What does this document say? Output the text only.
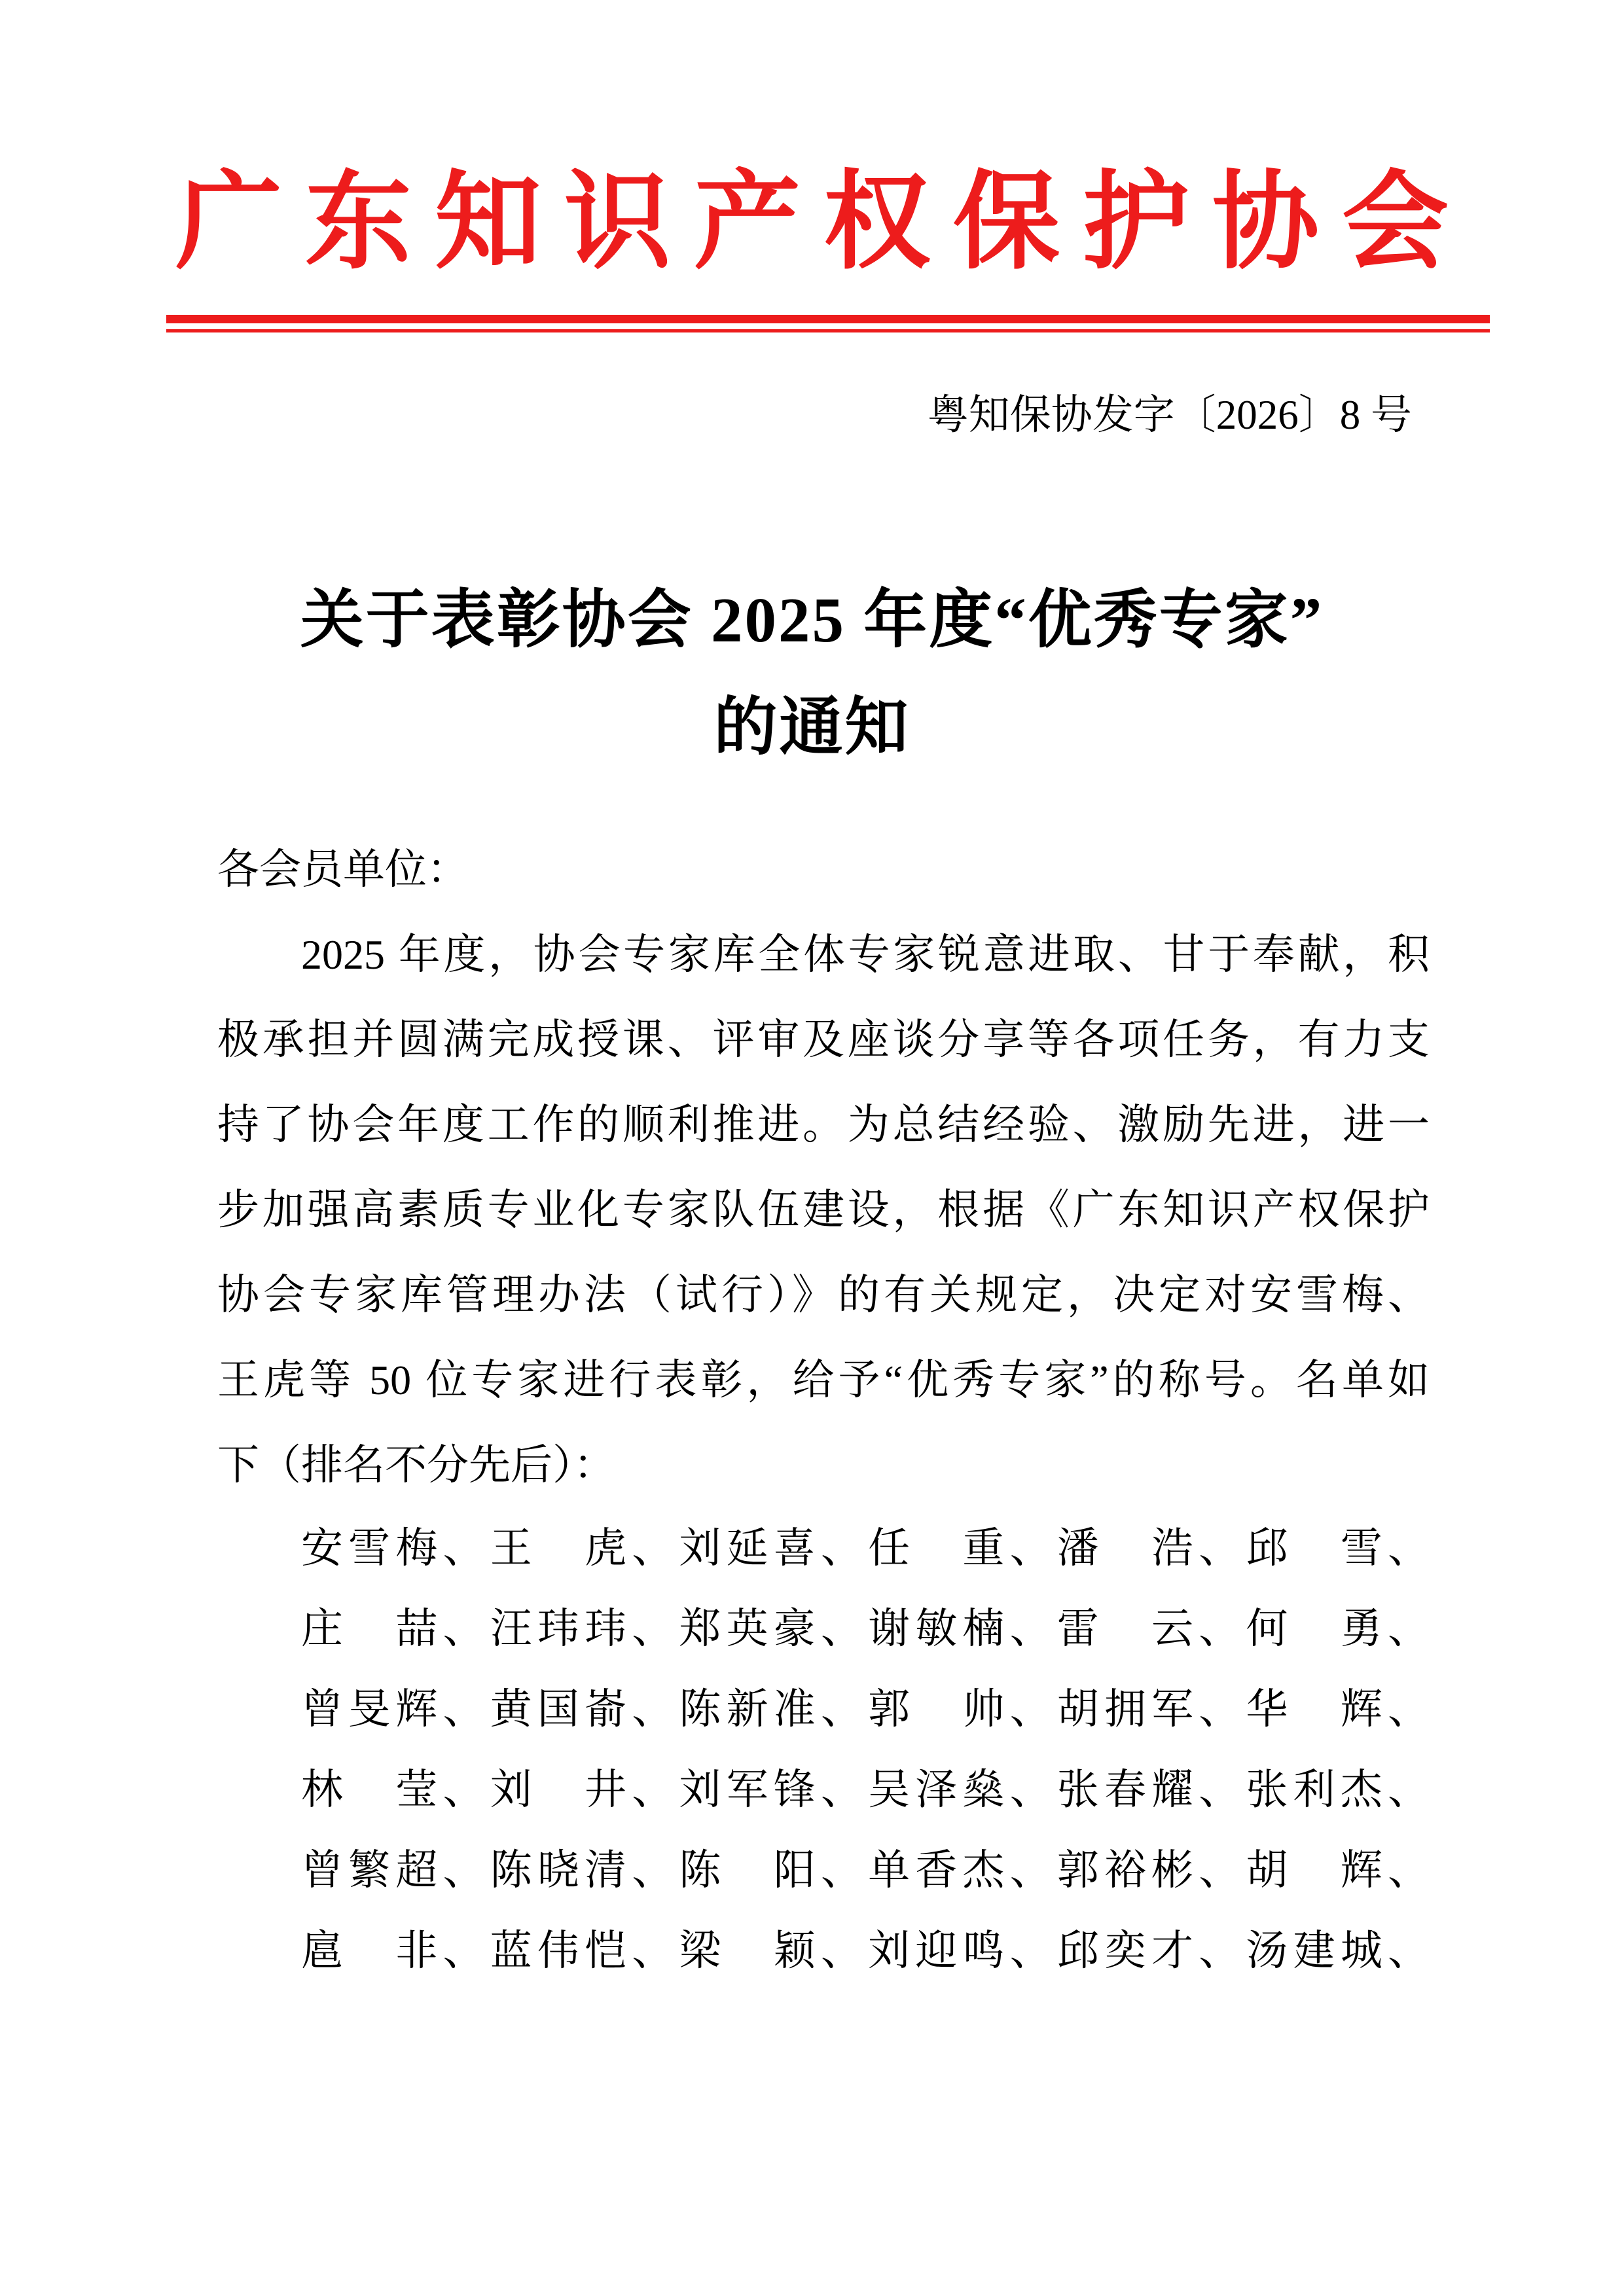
广东知识产权保护协会
粤知保协发字〔2026〕8 号
关于表彰协会 2025 年度“优秀专家”
的通知
各会员单位：
2025 年度，协会专家库全体专家锐意进取、甘于奉献，积
极承担并圆满完成授课、评审及座谈分享等各项任务，有力支
持了协会年度工作的顺利推进。为总结经验、激励先进，进一
步加强高素质专业化专家队伍建设，根据《广东知识产权保护
协会专家库管理办法（试行）》的有关规定，决定对安雪梅、
王虎等 50 位专家进行表彰，给予“优秀专家”的称号。名单如
下（排名不分先后）：
安雪梅、王　虎、刘延喜、任　重、潘　浩、邱　雪、
庄　喆、汪玮玮、郑英豪、谢敏楠、雷　云、何　勇、
曾旻辉、黄国嵛、陈新准、郭　帅、胡拥军、华　辉、
林　莹、刘　井、刘军锋、吴泽燊、张春耀、张利杰、
曾繁超、陈晓清、陈　阳、单香杰、郭裕彬、胡　辉、
扈　非、蓝伟恺、梁　颖、刘迎鸣、邱奕才、汤建城、
